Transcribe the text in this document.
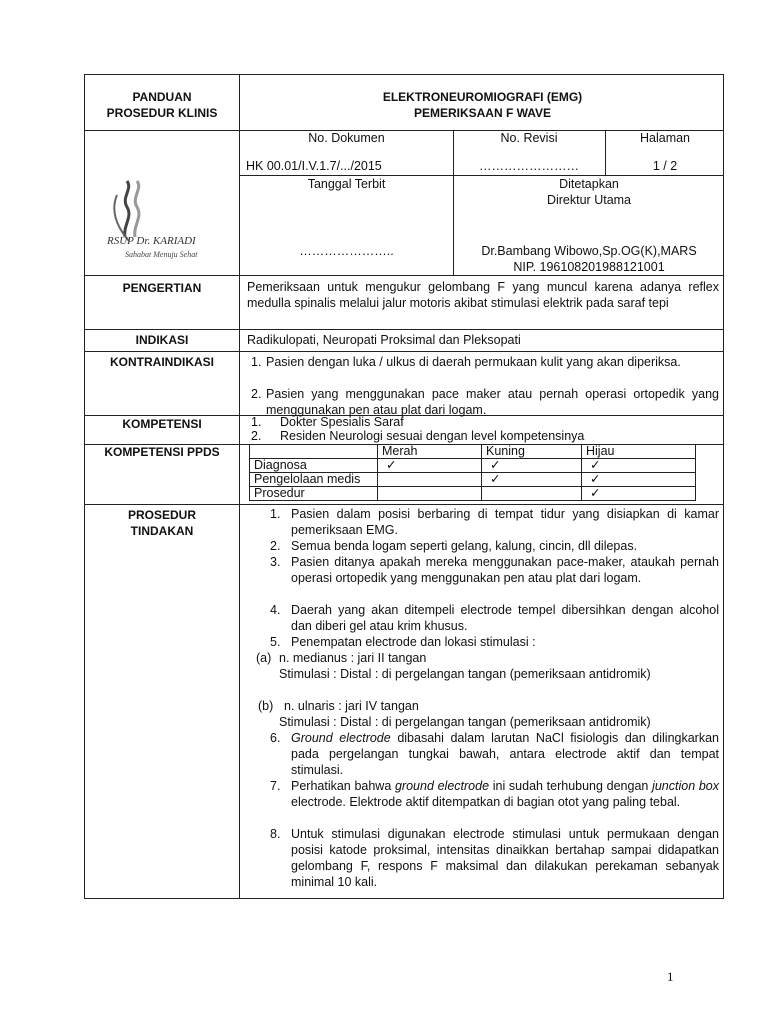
PANDUAN
PROSEDUR KLINIS
ELEKTRONEUROMIOGRAFI (EMG)
PEMERIKSAAN F WAVE
RSUP Dr. KARIADI
Sahabat Menuju Sehat
No. Dokumen
HK 00.01/I.V.1.7/.../2015
No. Revisi
……………………
Halaman
1 / 2
Tanggal Terbit
…………………..
Ditetapkan
Direktur Utama
Dr.Bambang Wibowo,Sp.OG(K),MARS
NIP. 196108201988121001
PENGERTIAN	Pemeriksaan untuk mengukur gelombang F yang muncul karena adanya reflex medulla spinalis melalui jalur motoris akibat stimulasi elektrik pada saraf tepi
INDIKASI	Radikulopati, Neuropati Proksimal dan Pleksopati
KONTRAINDIKASI	1. Pasien dengan luka / ulkus di daerah permukaan kulit yang akan diperiksa.
2. Pasien yang menggunakan pace maker atau pernah operasi ortopedik yang menggunakan pen atau plat dari logam.
KOMPETENSI	1. Dokter Spesialis Saraf
2. Residen Neurologi sesuai dengan level kompetensinya
KOMPETENSI PPDS
		Merah	Kuning	Hijau
Diagnosa	✓	✓	✓
Pengelolaan medis		✓	✓
Prosedur			✓
PROSEDUR
TINDAKAN
1. Pasien dalam posisi berbaring di tempat tidur yang disiapkan di kamar pemeriksaan EMG.
2. Semua benda logam seperti gelang, kalung, cincin, dll dilepas.
3. Pasien ditanya apakah mereka menggunakan pace-maker, ataukah pernah operasi ortopedik yang menggunakan pen atau plat dari logam.
4. Daerah yang akan ditempeli electrode tempel dibersihkan dengan alcohol dan diberi gel atau krim khusus.
5. Penempatan electrode dan lokasi stimulasi :
(a) n. medianus : jari II tangan
Stimulasi : Distal : di pergelangan tangan (pemeriksaan antidromik)
(b) n. ulnaris : jari IV tangan
Stimulasi : Distal : di pergelangan tangan (pemeriksaan antidromik)
6. Ground electrode dibasahi dalam larutan NaCl fisiologis dan dilingkarkan pada pergelangan tungkai bawah, antara electrode aktif dan tempat stimulasi.
7. Perhatikan bahwa ground electrode ini sudah terhubung dengan junction box electrode. Elektrode aktif ditempatkan di bagian otot yang paling tebal.
8. Untuk stimulasi digunakan electrode stimulasi untuk permukaan dengan posisi katode proksimal, intensitas dinaikkan bertahap sampai didapatkan gelombang F, respons F maksimal dan dilakukan perekaman sebanyak minimal 10 kali.
1
